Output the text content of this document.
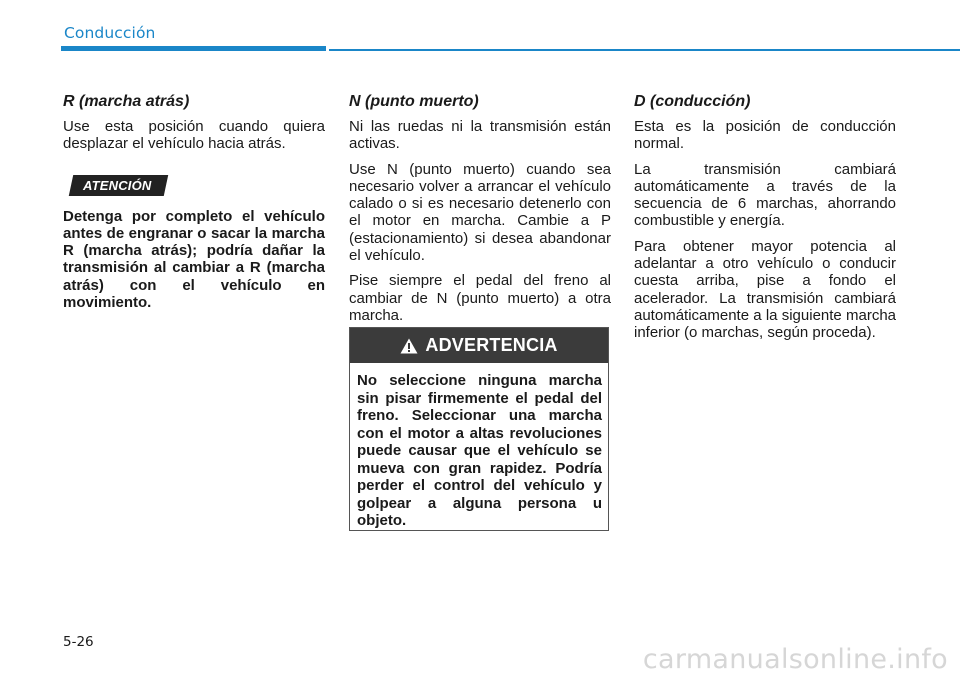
Conducción
R (marcha atrás)

Use esta posición cuando quiera desplazar el vehículo hacia atrás.

ATENCIÓN

Detenga por completo el vehículo antes de engranar o sacar la marcha R (marcha atrás); podría dañar la transmisión al cambiar a R (marcha atrás) con el vehículo en movimiento.

N (punto muerto)

Ni las ruedas ni la transmisión están activas.

Use N (punto muerto) cuando sea necesario volver a arrancar el vehículo calado o si es necesario detenerlo con el motor en marcha. Cambie a P (estacionamiento) si desea abandonar el vehículo.

Pise siempre el pedal del freno al cambiar de N (punto muerto) a otra marcha.

ADVERTENCIA

No seleccione ninguna marcha sin pisar firmemente el pedal del freno. Seleccionar una marcha con el motor a altas revoluciones puede causar que el vehículo se mueva con gran rapidez. Podría perder el control del vehículo y golpear a alguna persona u objeto.

D (conducción)

Esta es la posición de conducción normal.

La transmisión cambiará automáticamente a través de la secuencia de 6 marchas, ahorrando combustible y energía.

Para obtener mayor potencia al adelantar a otro vehículo o conducir cuesta arriba, pise a fondo el acelerador. La transmisión cambiará automáticamente a la siguiente marcha inferior (o marchas, según proceda).

5-26
carmanualsonline.info
